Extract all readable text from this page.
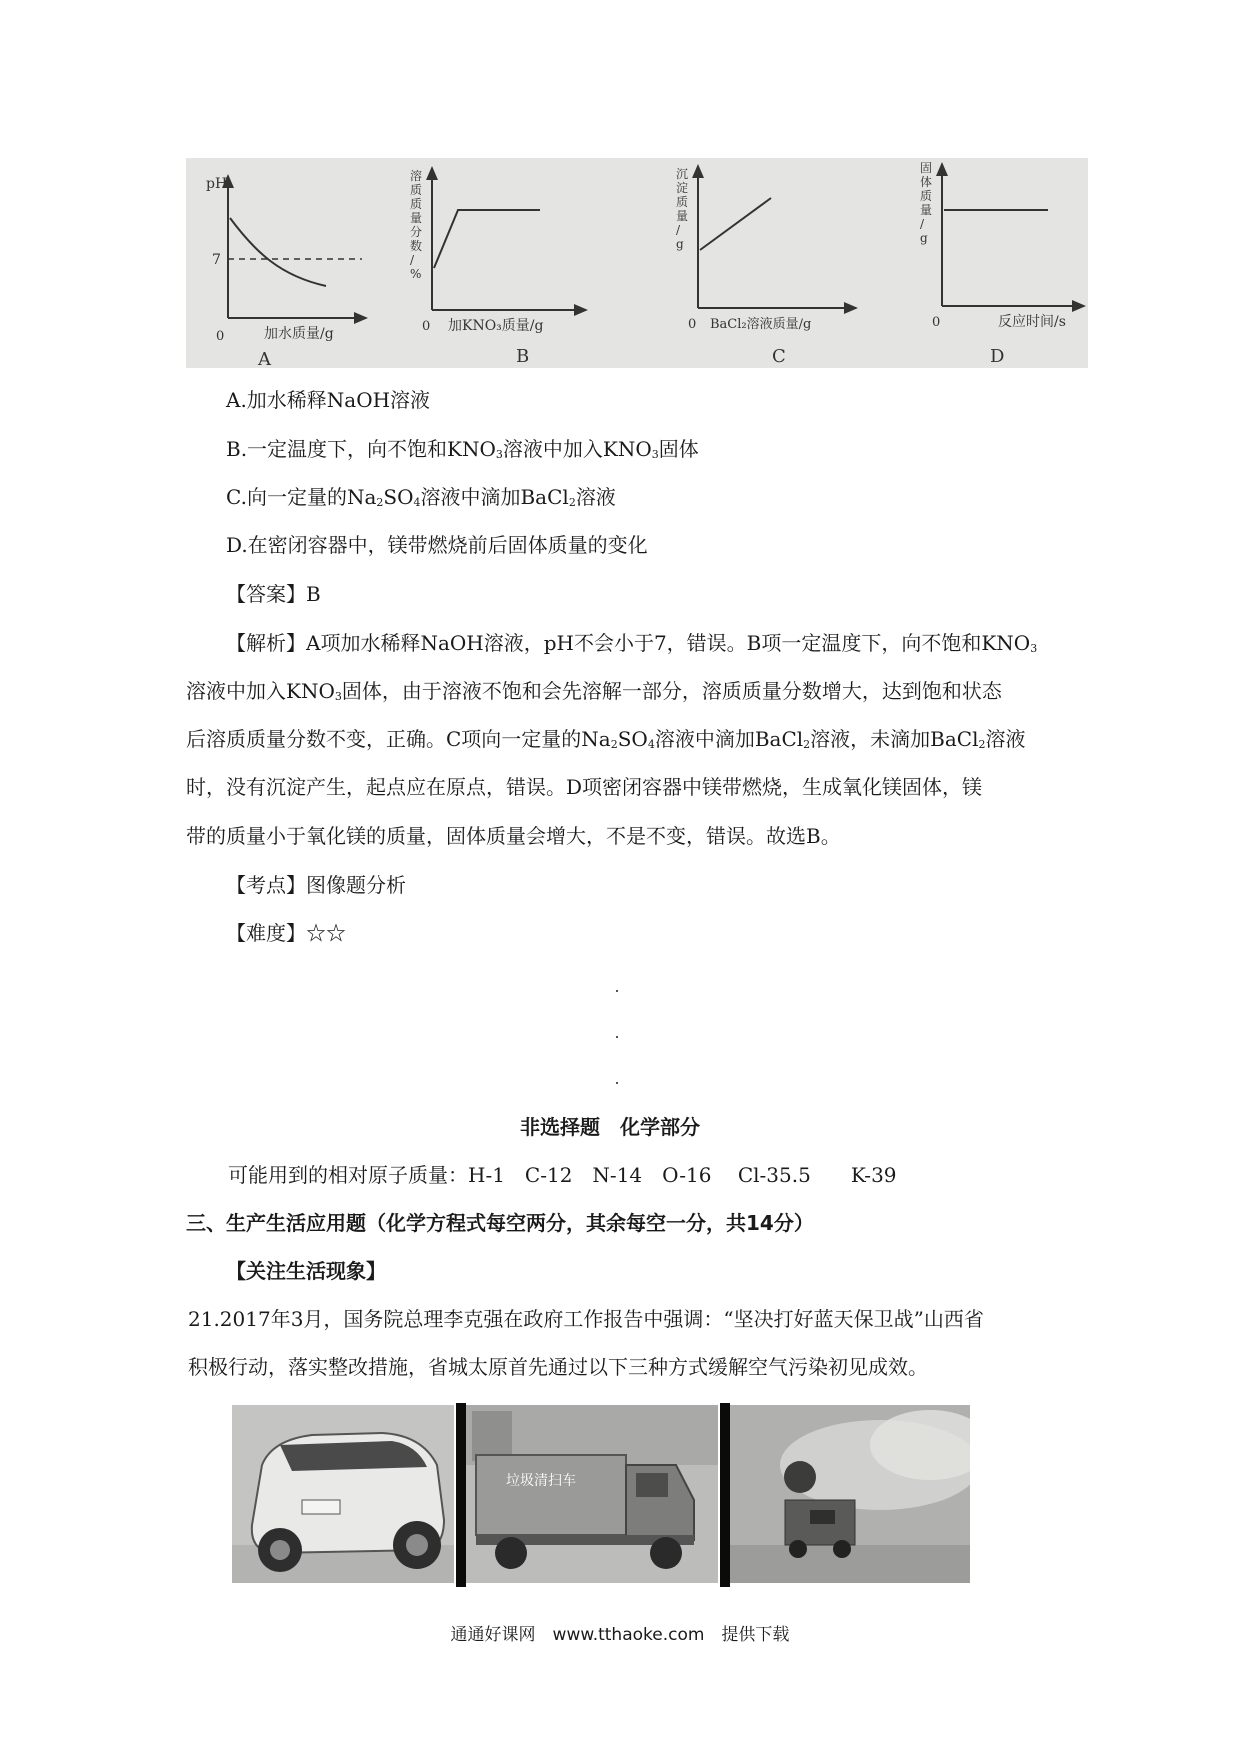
pH
7
0	加水质量/g
A
溶 质 质 量 分 数 / %
0 加KNO₃质量/g
B
沉 淀 质 量 / g
0 BaCl₂溶液质量/g
C
固 体 质 量 / g
0	反应时间/s
D
A.加水稀释NaOH溶液
B.一定温度下，向不饱和$KNO_3$溶液中加入$KNO_3$固体
C.向一定量的$Na_2SO_4$溶液中滴加BaCl$_2$溶液
D.在密闭容器中，镁带燃烧前后固体质量的变化
【答案】B
【解析】A项加水稀释NaOH溶液，pH不会小于7，错误。B项一定温度下，向不饱和$KNO_3$
溶液中加入$KNO_3$固体，由于溶液不饱和会先溶解一部分，溶质质量分数增大，达到饱和状态
后溶质质量分数不变，正确。C项向一定量的$Na_2SO_4$溶液中滴加BaCl$_2$溶液，未滴加BaCl$_2$溶液
时，没有沉淀产生，起点应在原点，错误。D项密闭容器中镁带燃烧，生成氧化镁固体，镁
带的质量小于氧化镁的质量，固体质量会增大，不是不变，错误。故选B。
【考点】图像题分析
【难度】☆☆
非选择题　化学部分
可能用到的相对原子质量：H-1　C-12　N-14　O-16　 Cl-35.5　　K-39
三、生产生活应用题（化学方程式每空两分，其余每空一分，共14分）
【关注生活现象】
21.2017年3月，国务院总理李克强在政府工作报告中强调：“坚决打好蓝天保卫战”山西省
积极行动，落实整改措施，省城太原首先通过以下三种方式缓解空气污染初见成效。
垃圾清扫车
通通好课网　www.tthaoke.com　提供下载
